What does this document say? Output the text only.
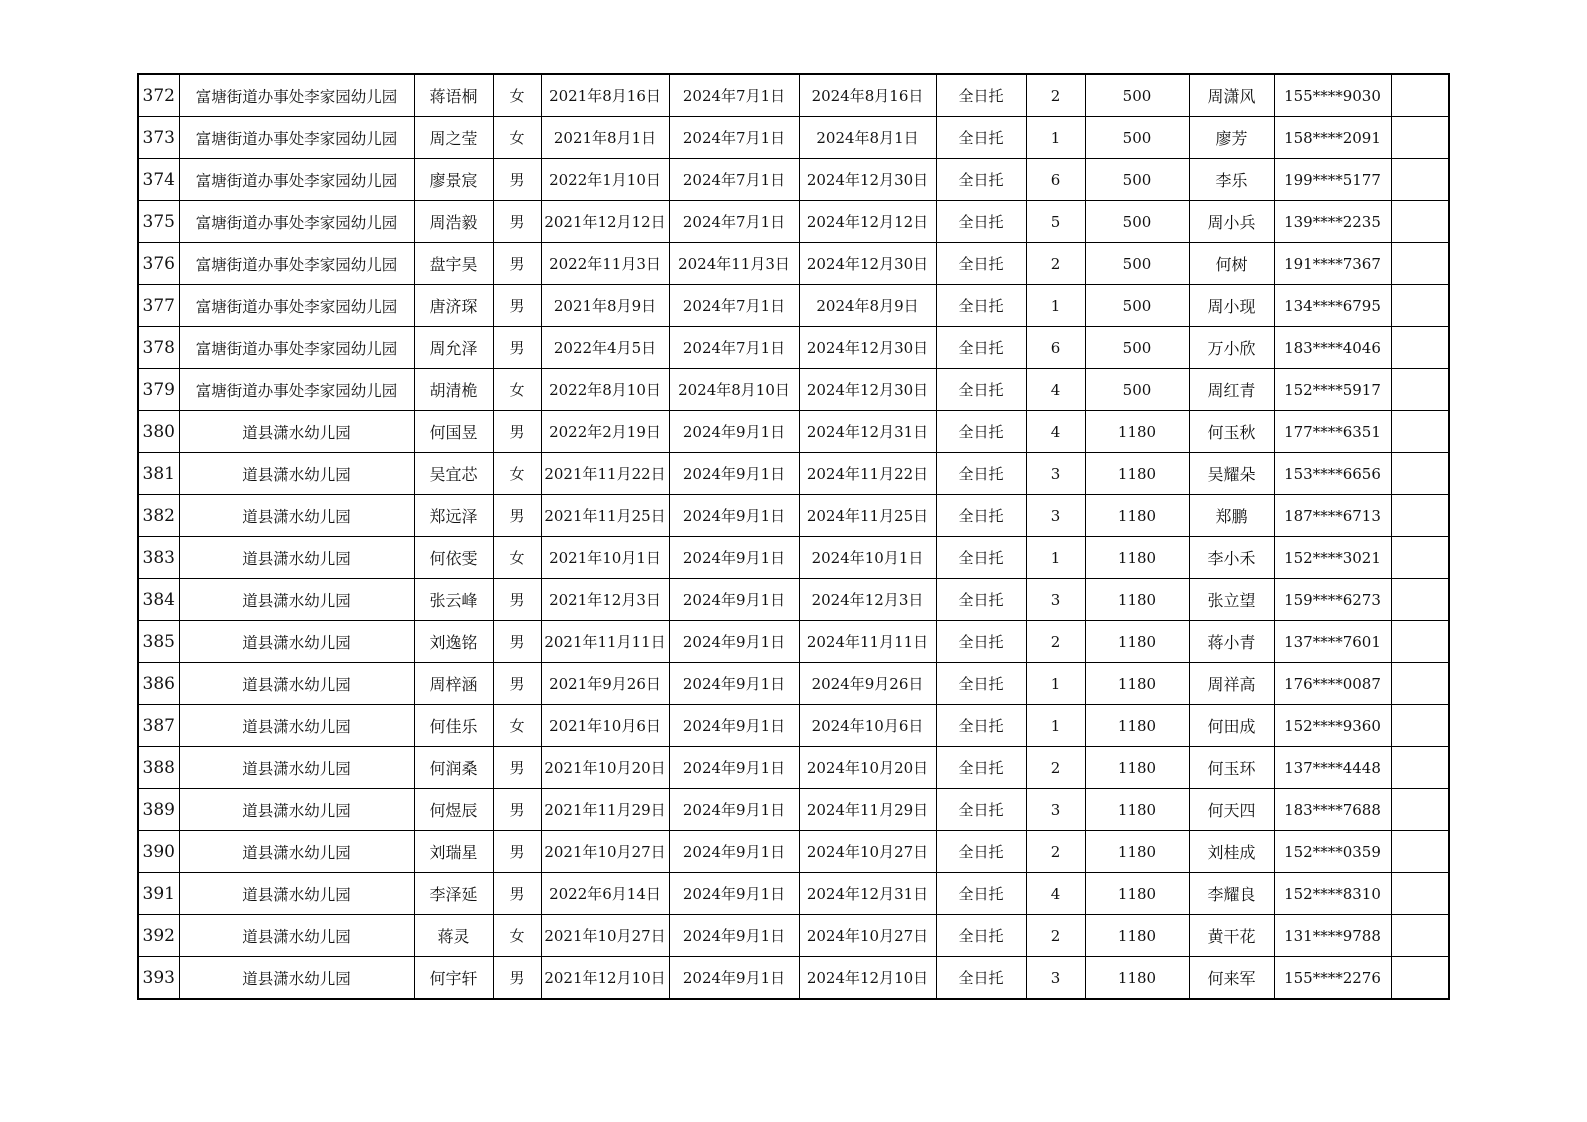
372	富塘街道办事处李家园幼儿园	蒋语桐	女	2021年8月16日	2024年7月1日	2024年8月16日	全日托	2	500	周潇风	155****9030	
373	富塘街道办事处李家园幼儿园	周之莹	女	2021年8月1日	2024年7月1日	2024年8月1日	全日托	1	500	廖芳	158****2091	
374	富塘街道办事处李家园幼儿园	廖景宸	男	2022年1月10日	2024年7月1日	2024年12月30日	全日托	6	500	李乐	199****5177	
375	富塘街道办事处李家园幼儿园	周浩毅	男	2021年12月12日	2024年7月1日	2024年12月12日	全日托	5	500	周小兵	139****2235	
376	富塘街道办事处李家园幼儿园	盘宇昊	男	2022年11月3日	2024年11月3日	2024年12月30日	全日托	2	500	何树	191****7367	
377	富塘街道办事处李家园幼儿园	唐济琛	男	2021年8月9日	2024年7月1日	2024年8月9日	全日托	1	500	周小现	134****6795	
378	富塘街道办事处李家园幼儿园	周允泽	男	2022年4月5日	2024年7月1日	2024年12月30日	全日托	6	500	万小欣	183****4046	
379	富塘街道办事处李家园幼儿园	胡清桅	女	2022年8月10日	2024年8月10日	2024年12月30日	全日托	4	500	周红青	152****5917	
380	道县潇水幼儿园	何国昱	男	2022年2月19日	2024年9月1日	2024年12月31日	全日托	4	1180	何玉秋	177****6351	
381	道县潇水幼儿园	吴宜芯	女	2021年11月22日	2024年9月1日	2024年11月22日	全日托	3	1180	吴耀朵	153****6656	
382	道县潇水幼儿园	郑远泽	男	2021年11月25日	2024年9月1日	2024年11月25日	全日托	3	1180	郑鹏	187****6713	
383	道县潇水幼儿园	何依雯	女	2021年10月1日	2024年9月1日	2024年10月1日	全日托	1	1180	李小禾	152****3021	
384	道县潇水幼儿园	张云峰	男	2021年12月3日	2024年9月1日	2024年12月3日	全日托	3	1180	张立望	159****6273	
385	道县潇水幼儿园	刘逸铭	男	2021年11月11日	2024年9月1日	2024年11月11日	全日托	2	1180	蒋小青	137****7601	
386	道县潇水幼儿园	周梓涵	男	2021年9月26日	2024年9月1日	2024年9月26日	全日托	1	1180	周祥高	176****0087	
387	道县潇水幼儿园	何佳乐	女	2021年10月6日	2024年9月1日	2024年10月6日	全日托	1	1180	何田成	152****9360	
388	道县潇水幼儿园	何润桑	男	2021年10月20日	2024年9月1日	2024年10月20日	全日托	2	1180	何玉环	137****4448	
389	道县潇水幼儿园	何煜辰	男	2021年11月29日	2024年9月1日	2024年11月29日	全日托	3	1180	何天四	183****7688	
390	道县潇水幼儿园	刘瑞星	男	2021年10月27日	2024年9月1日	2024年10月27日	全日托	2	1180	刘桂成	152****0359	
391	道县潇水幼儿园	李泽延	男	2022年6月14日	2024年9月1日	2024年12月31日	全日托	4	1180	李耀良	152****8310	
392	道县潇水幼儿园	蒋灵	女	2021年10月27日	2024年9月1日	2024年10月27日	全日托	2	1180	黄干花	131****9788	
393	道县潇水幼儿园	何宇轩	男	2021年12月10日	2024年9月1日	2024年12月10日	全日托	3	1180	何来军	155****2276	
